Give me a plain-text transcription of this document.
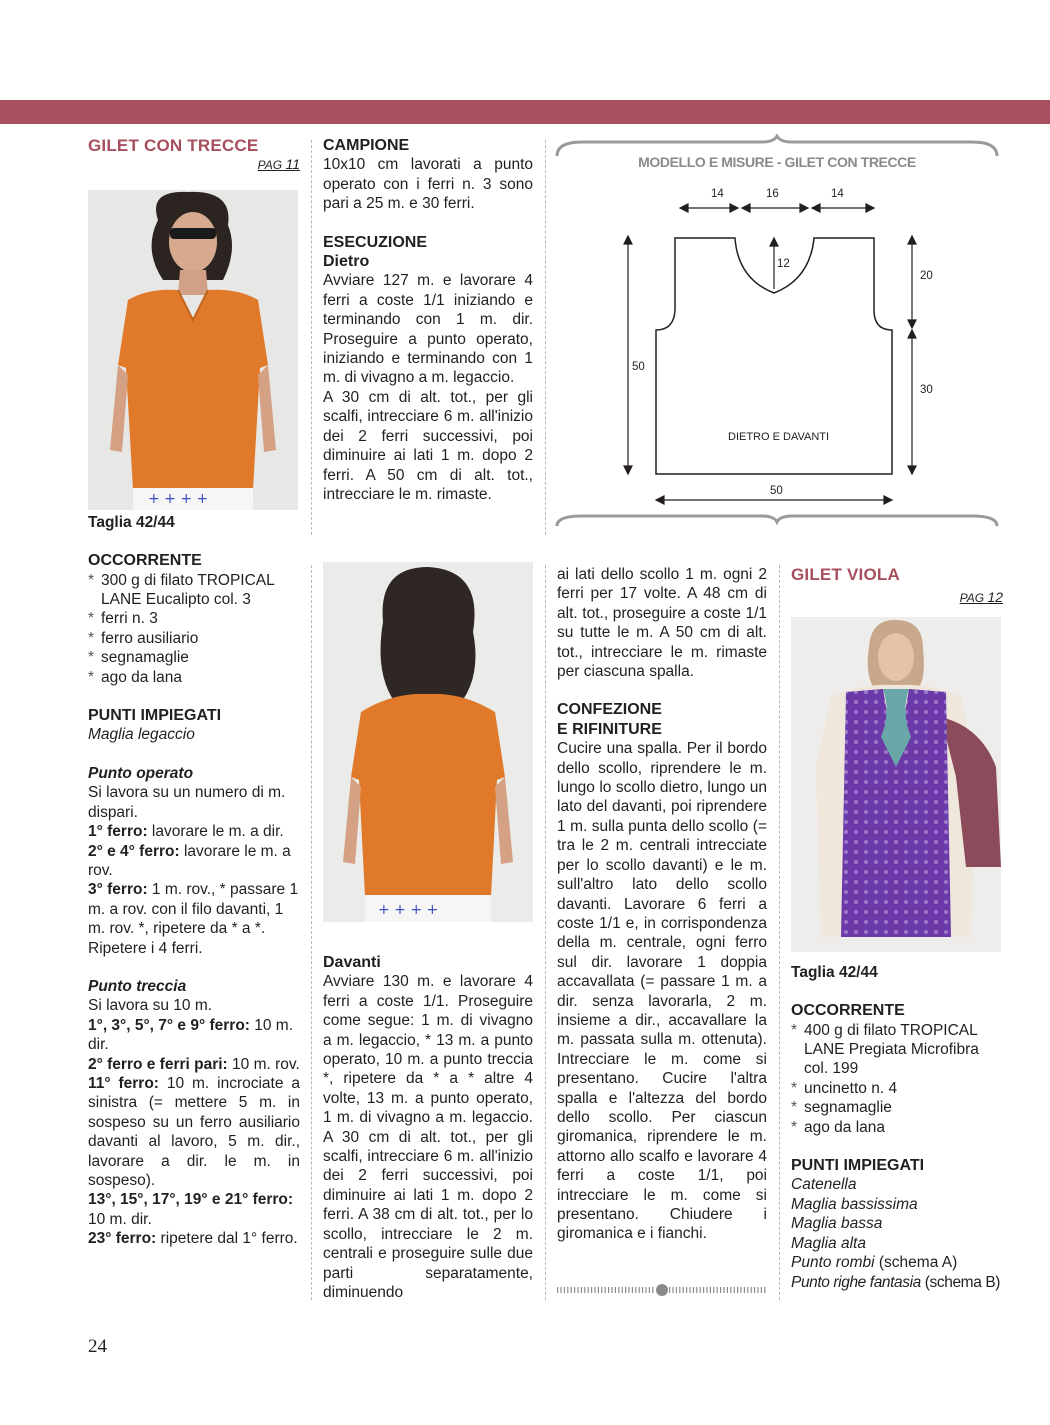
GILET CON TRECCE

PAG 11

Taglia 42/44

OCCORRENTE
* 300 g di filato TROPICAL LANE Eucalipto col. 3
* ferri n. 3
* ferro ausiliario
* segnamaglie
* ago da lana
PUNTI IMPIEGATI

Maglia legaccio

Punto operato

Si lavora su un numero di m. dispari.

1° ferro: lavorare le m. a dir.

2° e 4° ferro: lavorare le m. a rov.

3° ferro: 1 m. rov., * passare 1 m. a rov. con il filo davanti, 1 m. rov. *, ripetere da * a *.

Ripetere i 4 ferri.

Punto treccia

Si lavora su 10 m.

1°, 3°, 5°, 7° e 9° ferro: 10 m. dir.

2° ferro e ferri pari: 10 m. rov.

11° ferro: 10 m. incrociate a sinistra (= mettere 5 m. in sospeso su un ferro ausiliario davanti al lavoro, 5 m. dir., lavorare a dir. le m. in sospeso).

13°, 15°, 17°, 19° e 21° ferro: 10 m. dir.

23° ferro: ripetere dal 1° ferro.

+ + + +
CAMPIONE

10x10 cm lavorati a punto operato con i ferri n. 3 sono pari a 25 m. e 30 ferri.

ESECUZIONE
Dietro

Avviare 127 m. e lavorare 4 ferri a coste 1/1 iniziando e terminando con 1 m. dir. Proseguire a punto operato, iniziando e terminando con 1 m. di vivagno a m. legaccio.

A 30 cm di alt. tot., per gli scalfi, intrecciare 6 m. all'inizio dei 2 ferri successivi, poi diminuire ai lati 1 m. dopo 2 ferri. A 50 cm di alt. tot., intrecciare le m. rimaste.

+ + + +
Davanti

Avviare 130 m. e lavorare 4 ferri a coste 1/1. Proseguire come segue: 1 m. di vivagno a m. legaccio, * 13 m. a punto operato, 10 m. a punto treccia *, ripetere da * a * altre 4 volte, 13 m. a punto operato, 1 m. di vivagno a m. legaccio. A 30 cm di alt. tot., per gli scalfi, intrecciare 6 m. all'inizio dei 2 ferri successivi, poi diminuire ai lati 1 m. dopo 2 ferri. A 38 cm di alt. tot., per lo scollo, intrecciare le 2 m. centrali e proseguire sulle due parti separatamente, diminuendo

MODELLO E MISURE - GILET CON TRECCE
14	16	14
12
20
30
50
50
DIETRO E DAVANTI

ai lati dello scollo 1 m. ogni 2 ferri per 17 volte. A 48 cm di alt. tot., proseguire a coste 1/1 su tutte le m. A 50 cm di alt. tot., intrecciare le m. rimaste per ciascuna spalla.

CONFEZIONE
E RIFINITURE

Cucire una spalla. Per il bordo dello scollo, riprendere le m. lungo lo scollo dietro, lungo un lato del davanti, poi riprendere 1 m. sulla punta dello scollo (= tra le 2 m. centrali intrecciate per lo scollo davanti) e le m. sull'altro lato dello scollo davanti. Lavorare 6 ferri a coste 1/1 e, in corrispondenza della m. centrale, ogni ferro sul dir. lavorare 1 doppia accavallata (= passare 1 m. a dir. senza lavorarla, 2 m. insieme a dir., accavallare la m. passata sulla m. ottenuta). Intrecciare le m. come si presentano. Cucire l'altra spalla e l'altezza del bordo dello scollo. Per ciascun giromanica, riprendere le m. attorno allo scalfo e lavorare 4 ferri a coste 1/1, poi intrecciare le m. come si presentano. Chiudere i giromanica e i fianchi.

GILET VIOLA

PAG 12

Taglia 42/44

OCCORRENTE
* 400 g di filato TROPICAL LANE Pregiata Microfibra col. 199
* uncinetto n. 4
* segnamaglie
* ago da lana
PUNTI IMPIEGATI

Catenella

Maglia bassissima

Maglia bassa

Maglia alta

Punto rombi (schema A)

Punto righe fantasia (schema B)

24
